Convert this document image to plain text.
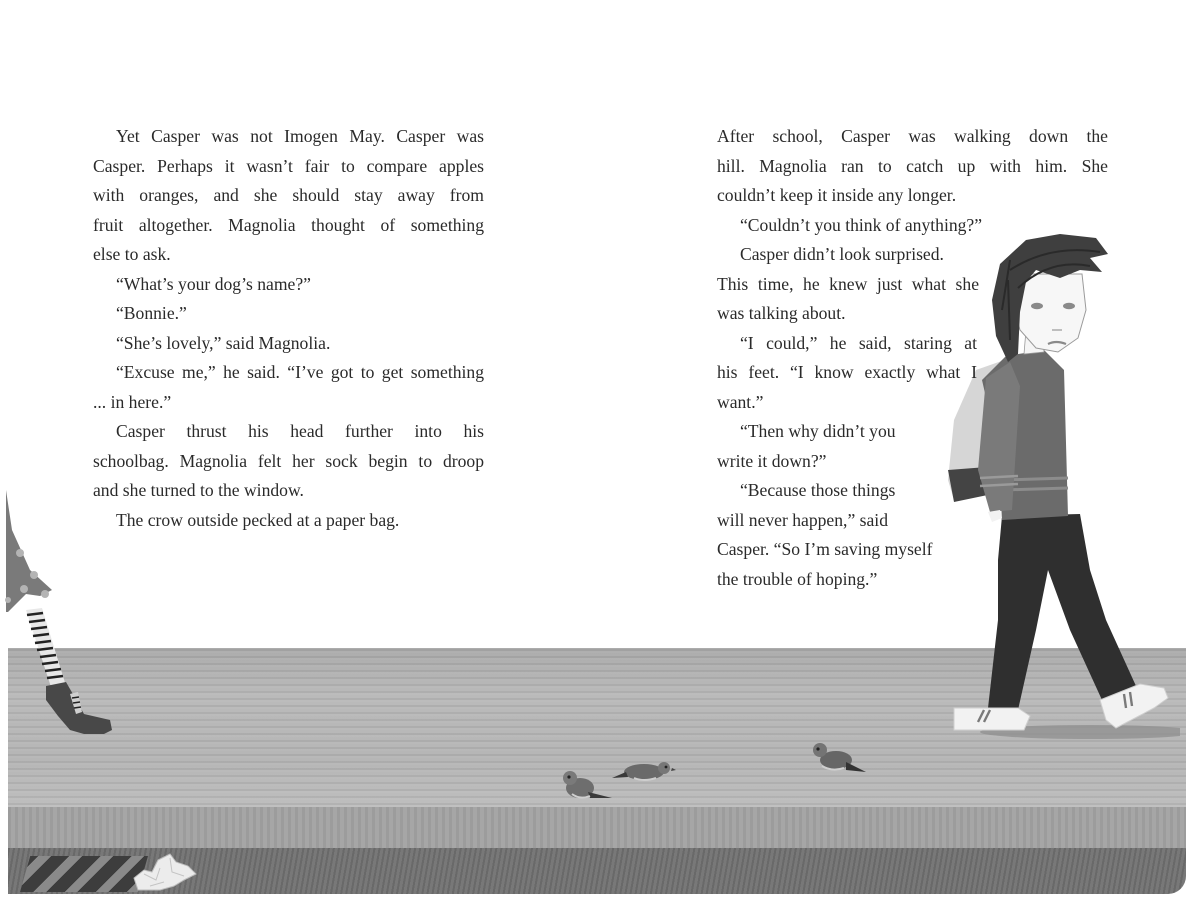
Yet Casper was not Imogen May. Casper was
Casper. Perhaps it wasn’t fair to compare apples
with oranges, and she should stay away from
fruit altogether. Magnolia thought of something
else to ask.

“What’s your dog’s name?”

“Bonnie.”

“She’s lovely,” said Magnolia.

“Excuse me,” he said. “I’ve got to get something
... in here.”

Casper thrust his head further into his
schoolbag. Magnolia felt her sock begin to droop
and she turned to the window.

The crow outside pecked at a paper bag.

After school, Casper was walking down the
hill. Magnolia ran to catch up with him. She
couldn’t keep it inside any longer.

“Couldn’t you think of anything?”

Casper didn’t look surprised.
This time, he knew just what she
was talking about.

“I could,” he said, staring at
his feet. “I know exactly what I
want.”

“Then why didn’t you
write it down?”

“Because those things
will never happen,” said
Casper. “So I’m saving myself
the trouble of hoping.”
